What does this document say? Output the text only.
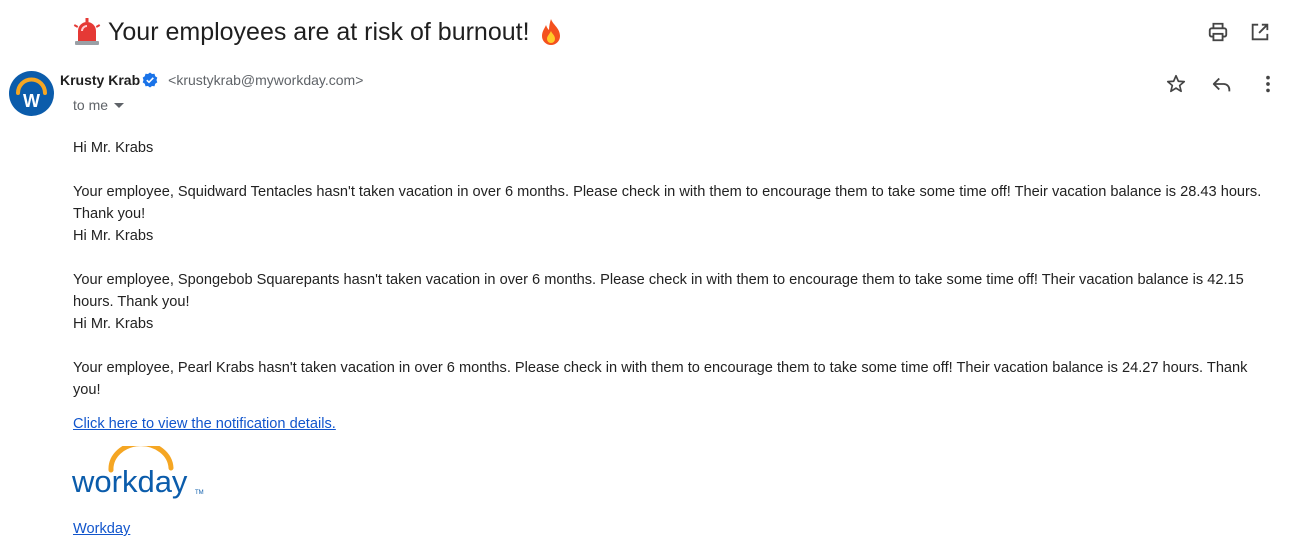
Your employees are at risk of burnout!
W
Krusty Krab <krustykrab@myworkday.com>
to me

Hi Mr. Krabs

Your employee, Squidward Tentacles hasn't taken vacation in over 6 months. Please check in with them to encourage them to take some time off! Their vacation balance is 28.43 hours. Thank you!

Hi Mr. Krabs

Your employee, Spongebob Squarepants hasn't taken vacation in over 6 months. Please check in with them to encourage them to take some time off! Their vacation balance is 42.15 hours. Thank you!

Hi Mr. Krabs

Your employee, Pearl Krabs hasn't taken vacation in over 6 months. Please check in with them to encourage them to take some time off! Their vacation balance is 24.27 hours. Thank you!

Click here to view the notification details.

workday TM
Workday
